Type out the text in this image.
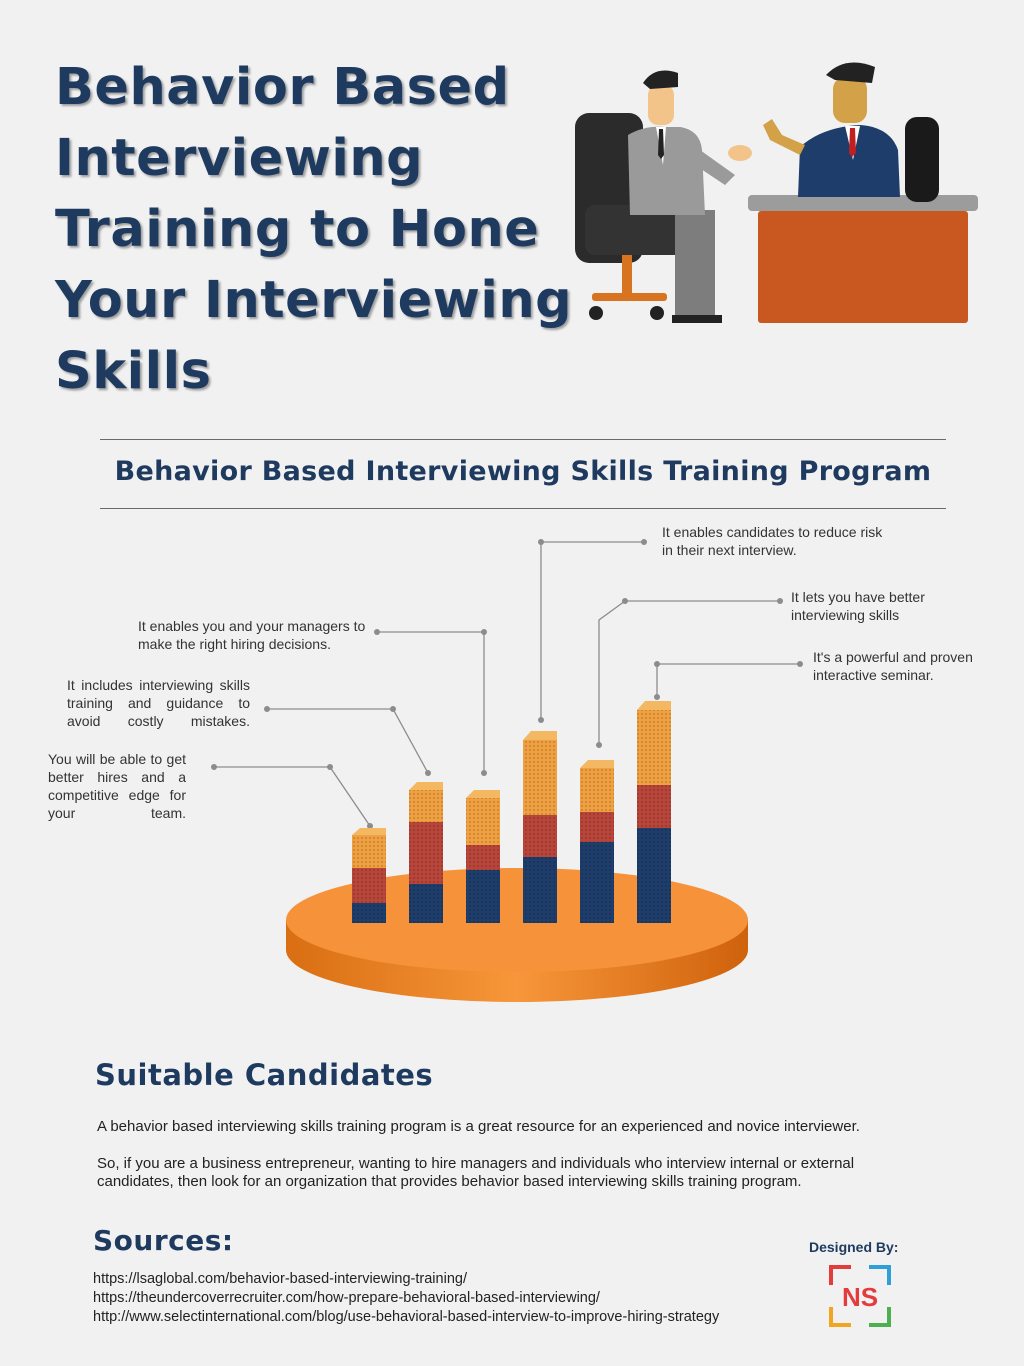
Behavior Based
Interviewing
Training to Hone
Your Interviewing
Skills
Behavior Based Interviewing Skills Training Program
You will be able to get better hires and a competitive edge for your team.
It includes interviewing skills training and guidance to avoid costly mistakes.
It enables you and your managers to make the right hiring decisions.
It enables candidates to reduce risk in their next interview.
It lets you have better interviewing skills
It's a powerful and proven interactive seminar.
Suitable Candidates
A behavior based interviewing skills training program is a great resource for an experienced and novice interviewer.
So, if you are a business entrepreneur, wanting to hire managers and individuals who interview internal or external candidates, then look for an organization that provides behavior based interviewing skills training program.
Sources:
https://lsaglobal.com/behavior-based-interviewing-training/
https://theundercoverrecruiter.com/how-prepare-behavioral-based-interviewing/
http://www.selectinternational.com/blog/use-behavioral-based-interview-to-improve-hiring-strategy
Designed By:
NS
